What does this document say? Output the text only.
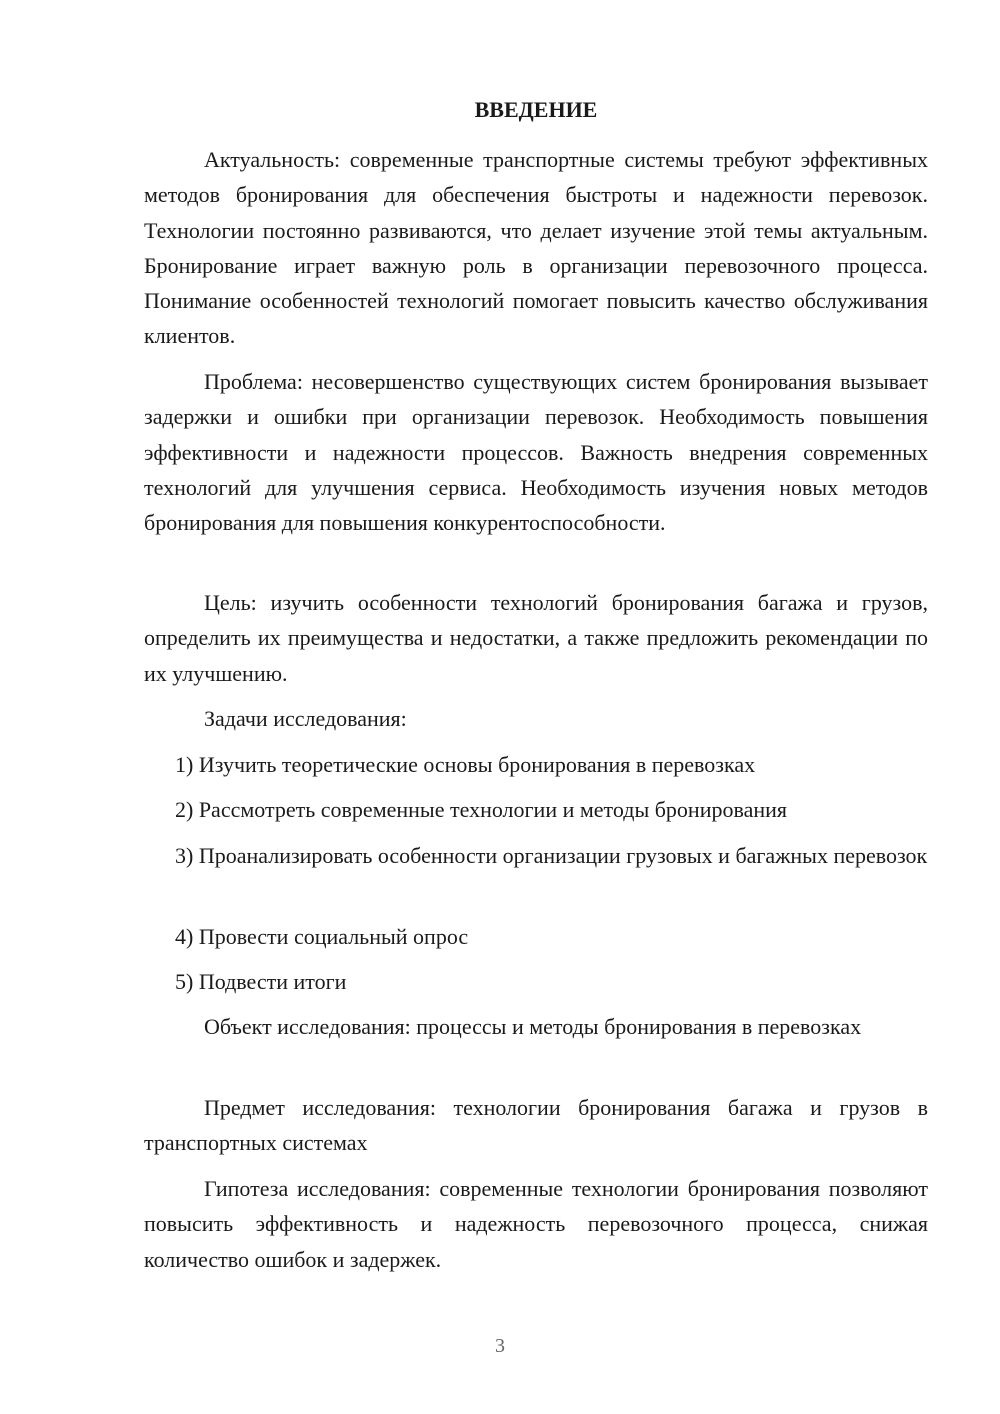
ВВЕДЕНИЕ

Актуальность: современные транспортные системы требуют эффективных методов бронирования для обеспечения быстроты и надежности перевозок. Технологии постоянно развиваются, что делает изучение этой темы актуальным. Бронирование играет важную роль в организации перевозочного процесса. Понимание особенностей технологий помогает повысить качество обслуживания клиентов.

Проблема: несовершенство существующих систем бронирования вызывает задержки и ошибки при организации перевозок. Необходимость повышения эффективности и надежности процессов. Важность внедрения современных технологий для улучшения сервиса. Необходимость изучения новых методов бронирования для повышения конкурентоспособности.

Цель: изучить особенности технологий бронирования багажа и грузов, определить их преимущества и недостатки, а также предложить рекомендации по их улучшению.

Задачи исследования:

1) Изучить теоретические основы бронирования в перевозках

2) Рассмотреть современные технологии и методы бронирования

3) Проанализировать особенности организации грузовых и багажных перевозок

4) Провести социальный опрос

5) Подвести итоги

Объект исследования: процессы и методы бронирования в перевозках

Предмет исследования: технологии бронирования багажа и грузов в транспортных системах

Гипотеза исследования: современные технологии бронирования позволяют повысить эффективность и надежность перевозочного процесса, снижая количество ошибок и задержек.

3
